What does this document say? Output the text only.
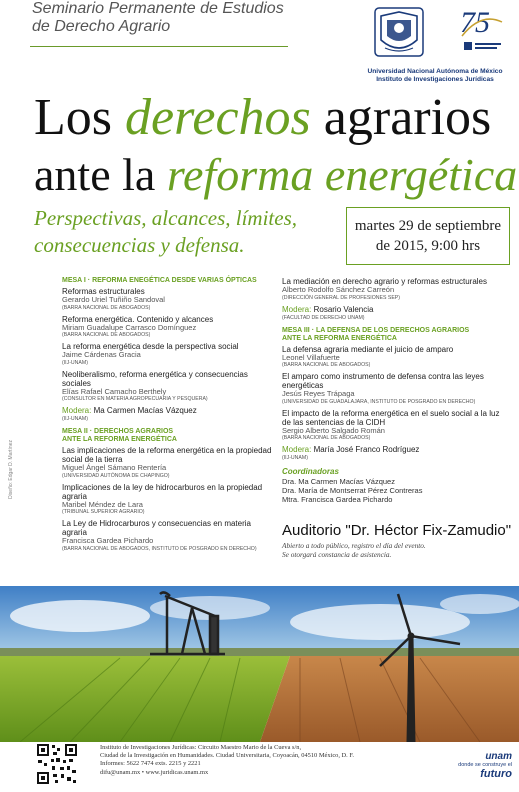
Seminario Permanente de Estudios
de Derecho Agrario	75
Universidad Nacional Autónoma de México
Instituto de Investigaciones Jurídicas
Los derechos agrarios
ante la reforma energética
Perspectivas, alcances, límites,
consecuencias y defensa.
martes 29 de septiembre
de 2015, 9:00 hrs
MESA I · REFORMA ENEGÉTICA DESDE VARIAS ÓPTICAS
Reformas estructurales
Gerardo Uriel Tuñiño Sandoval
(BARRA NACIONAL DE ABOGADOS)
Reforma energética. Contenido y alcances
Miriam Guadalupe Carrasco Domínguez
(BARRA NACIONAL DE ABOGADOS)
La reforma energética desde la perspectiva social
Jaime Cárdenas Gracia
(IIJ-UNAM)
Neoliberalismo, reforma energética y consecuencias sociales
Elías Rafael Camacho Berthely
(CONSULTOR EN MATERIA AGROPECUARIA Y PESQUERA)
Modera: Ma Carmen Macías Vázquez
(IIJ-UNAM)
MESA II · DERECHOS AGRARIOS
ANTE LA REFORMA ENERGÉTICA
Las implicaciones de la reforma energética en la propiedad social de la tierra
Miguel Ángel Sámano Rentería
(UNIVERSIDAD AUTÓNOMA DE CHAPINGO)
Implicaciones de la ley de hidrocarburos en la propiedad agraria
Maribel Méndez de Lara
(TRIBUNAL SUPERIOR AGRARIO)
La Ley de Hidrocarburos y consecuencias en materia agraria
Francisca Gardea Pichardo
(BARRA NACIONAL DE ABOGADOS, INSTITUTO DE POSGRADO EN DERECHO)
La mediación en derecho agrario y reformas estructurales
Alberto Rodolfo Sánchez Carreón
(DIRECCIÓN GENERAL DE PROFESIONES SEP)
Modera: Rosario Valencia
(FACULTAD DE DERECHO UNAM)
MESA III · LA DEFENSA DE LOS DERECHOS AGRARIOS
ANTE LA REFORMA ENERGÉTICA
La defensa agraria mediante el juicio de amparo
Leonel Villafuerte
(BARRA NACIONAL DE ABOGADOS)
El amparo como instrumento de defensa contra las leyes energéticas
Jesús Reyes Trápaga
(UNIVERSIDAD DE GUADALAJARA, INSTITUTO DE POSGRADO EN DERECHO)
El impacto de la reforma energética en el suelo social a la luz de las sentencias de la CIDH
Sergio Alberto Salgado Román
(BARRA NACIONAL DE ABOGADOS)
Modera: María José Franco Rodríguez
(IIJ-UNAM)
Coordinadoras
Dra. Ma Carmen Macías Vázquez
Dra. María de Montserrat Pérez Contreras
Mtra. Francisca Gardea Pichardo
Auditorio "Dr. Héctor Fix-Zamudio"
Abierto a todo público, registro el día del evento.
Se otorgará constancia de asistencia.
Diseño: Edgar D. Martínez
Instituto de Investigaciones Jurídicas: Circuito Maestro Mario de la Cueva s/n,
Ciudad de la Investigación en Humanidades. Ciudad Universitaria, Coyoacán, 04510 México, D. F.
Informes: 5622 7474 exts. 2215 y 2221
difu@unam.mx • www.juridicas.unam.mx
unam
donde se construye el
futuro
